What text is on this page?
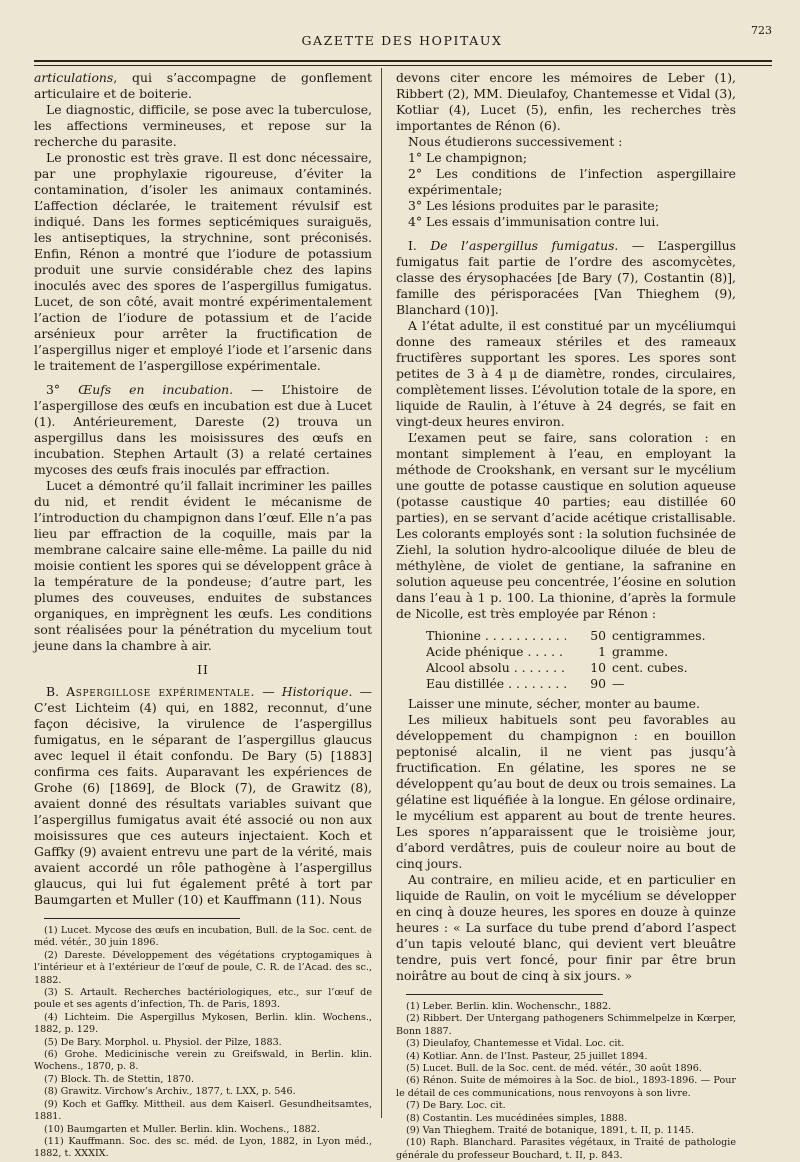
GAZETTE DES HOPITAUX
723

articulations, qui s’accompagne de gonflement articulaire et de boiterie.

Le diagnostic, difficile, se pose avec la tuberculose, les affections vermineuses, et repose sur la recherche du parasite.

Le pronostic est très grave. Il est donc nécessaire, par une prophylaxie rigoureuse, d’éviter la contamination, d’isoler les animaux contaminés. L’affection déclarée, le traitement révulsif est indiqué. Dans les formes septicémiques suraiguës, les antiseptiques, la strychnine, sont préconisés. Enfin, Rénon a montré que l’iodure de potassium produit une survie considérable chez des lapins inoculés avec des spores de l’aspergillus fumigatus. Lucet, de son côté, avait montré expérimentalement l’action de l’iodure de potassium et de l’acide arsénieux pour arrêter la fructification de l’aspergillus niger et employé l’iode et l’arsenic dans le traitement de l’aspergillose expérimentale.

3° Œufs en incubation. — L’histoire de l’aspergillose des œufs en incubation est due à Lucet (1). Antérieurement, Dareste (2) trouva un aspergillus dans les moisissures des œufs en incubation. Stephen Artault (3) a relaté certaines mycoses des œufs frais inoculés par effraction.

Lucet a démontré qu’il fallait incriminer les pailles du nid, et rendit évident le mécanisme de l’introduction du champignon dans l’œuf. Elle n’a pas lieu par effraction de la coquille, mais par la membrane calcaire saine elle-même. La paille du nid moisie contient les spores qui se développent grâce à la température de la pondeuse; d’autre part, les plumes des couveuses, enduites de substances organiques, en imprègnent les œufs. Les conditions sont réalisées pour la pénétration du mycelium tout jeune dans la chambre à air.

II

B. Aspergillose expérimentale. — Historique. — C’est Lichteim (4) qui, en 1882, reconnut, d’une façon décisive, la virulence de l’aspergillus fumigatus, en le séparant de l’aspergillus glaucus avec lequel il était confondu. De Bary (5) [1883] confirma ces faits. Auparavant les expériences de Grohe (6) [1869], de Block (7), de Grawitz (8), avaient donné des résultats variables suivant que l’aspergillus fumigatus avait été associé ou non aux moisissures que ces auteurs injectaient. Koch et Gaffky (9) avaient entrevu une part de la vérité, mais avaient accordé un rôle pathogène à l’aspergillus glaucus, qui lui fut également prêté à tort par Baumgarten et Muller (10) et Kauffmann (11). Nous

(1) Lucet. Mycose des œufs en incubation, Bull. de la Soc. cent. de méd. vétér., 30 juin 1896.

(2) Dareste. Développement des végétations cryptogamiques à l’intérieur et à l’extérieur de l’œuf de poule, C. R. de l’Acad. des sc., 1882.

(3) S. Artault. Recherches bactériologiques, etc., sur l’œuf de poule et ses agents d’infection, Th. de Paris, 1893.

(4) Lichteim. Die Aspergillus Mykosen, Berlin. klin. Wochens., 1882, p. 129.

(5) De Bary. Morphol. u. Physiol. der Pilze, 1883.

(6) Grohe. Medicinische verein zu Greifswald, in Berlin. klin. Wochens., 1870, p. 8.

(7) Block. Th. de Stettin, 1870.

(8) Grawitz. Virchow’s Archiv., 1877, t. LXX, p. 546.

(9) Koch et Gaffky. Mittheil. aus dem Kaiserl. Gesundheitsamtes, 1881.

(10) Baumgarten et Muller. Berlin. klin. Wochens., 1882.

(11) Kauffmann. Soc. des sc. méd. de Lyon, 1882, in Lyon méd., 1882, t. XXXIX.

devons citer encore les mémoires de Leber (1), Ribbert (2), MM. Dieulafoy, Chantemesse et Vidal (3), Kotliar (4), Lucet (5), enfin, les recherches très importantes de Rénon (6).

Nous étudierons successivement :

1° Le champignon;

2° Les conditions de l’infection aspergillaire expérimentale;

3° Les lésions produites par le parasite;

4° Les essais d’immunisation contre lui.

I. De l’aspergillus fumigatus. — L’aspergillus fumigatus fait partie de l’ordre des ascomycètes, classe des érysophacées [de Bary (7), Costantin (8)], famille des périsporacées [Van Thieghem (9), Blanchard (10)].

A l’état adulte, il est constitué par un mycéliumqui donne des rameaux stériles et des rameaux fructifères supportant les spores. Les spores sont petites de 3 à 4 μ de diamètre, rondes, circulaires, complètement lisses. L’évolution totale de la spore, en liquide de Raulin, à l’étuve à 24 degrés, se fait en vingt-deux heures environ.

L’examen peut se faire, sans coloration : en montant simplement à l’eau, en employant la méthode de Crookshank, en versant sur le mycélium une goutte de potasse caustique en solution aqueuse (potasse caustique 40 parties; eau distillée 60 parties), en se servant d’acide acétique cristallisable. Les colorants employés sont : la solution fuchsinée de Ziehl, la solution hydro-alcoolique diluée de bleu de méthylène, de violet de gentiane, la safranine en solution aqueuse peu concentrée, l’éosine en solution dans l’eau à 1 p. 100. La thionine, d’après la formule de Nicolle, est très employée par Rénon :

Thionine . . .	50 centigrammes.
Acide phénique . . .	1 gramme.
Alcool absolu . . .	10 cent. cubes.
Eau distillée . . .	90 —

Laisser une minute, sécher, monter au baume.

Les milieux habituels sont peu favorables au développement du champignon : en bouillon peptonisé alcalin, il ne vient pas jusqu’à fructification. En gélatine, les spores ne se développent qu’au bout de deux ou trois semaines. La gélatine est liquéfiée à la longue. En gélose ordinaire, le mycélium est apparent au bout de trente heures. Les spores n’apparaissent que le troisième jour, d’abord verdâtres, puis de couleur noire au bout de cinq jours.

Au contraire, en milieu acide, et en particulier en liquide de Raulin, on voit le mycélium se développer en cinq à douze heures, les spores en douze à quinze heures : « La surface du tube prend d’abord l’aspect d’un tapis velouté blanc, qui devient vert bleuâtre tendre, puis vert foncé, pour finir par être brun noirâtre au bout de cinq à six jours. »

(1) Leber. Berlin. klin. Wochenschr., 1882.

(2) Ribbert. Der Untergang pathogeners Schimmelpelze in Kœrper, Bonn 1887.

(3) Dieulafoy, Chantemesse et Vidal. Loc. cit.

(4) Kotliar. Ann. de l’Inst. Pasteur, 25 juillet 1894.

(5) Lucet. Bull. de la Soc. cent. de méd. vétér., 30 août 1896.

(6) Rénon. Suite de mémoires à la Soc. de biol., 1893-1896. — Pour le détail de ces communications, nous renvoyons à son livre.

(7) De Bary. Loc. cit.

(8) Costantin. Les mucédinées simples, 1888.

(9) Van Thieghem. Traité de botanique, 1891, t. II, p. 1145.

(10) Raph. Blanchard. Parasites végétaux, in Traité de pathologie générale du professeur Bouchard, t. II, p. 843.
